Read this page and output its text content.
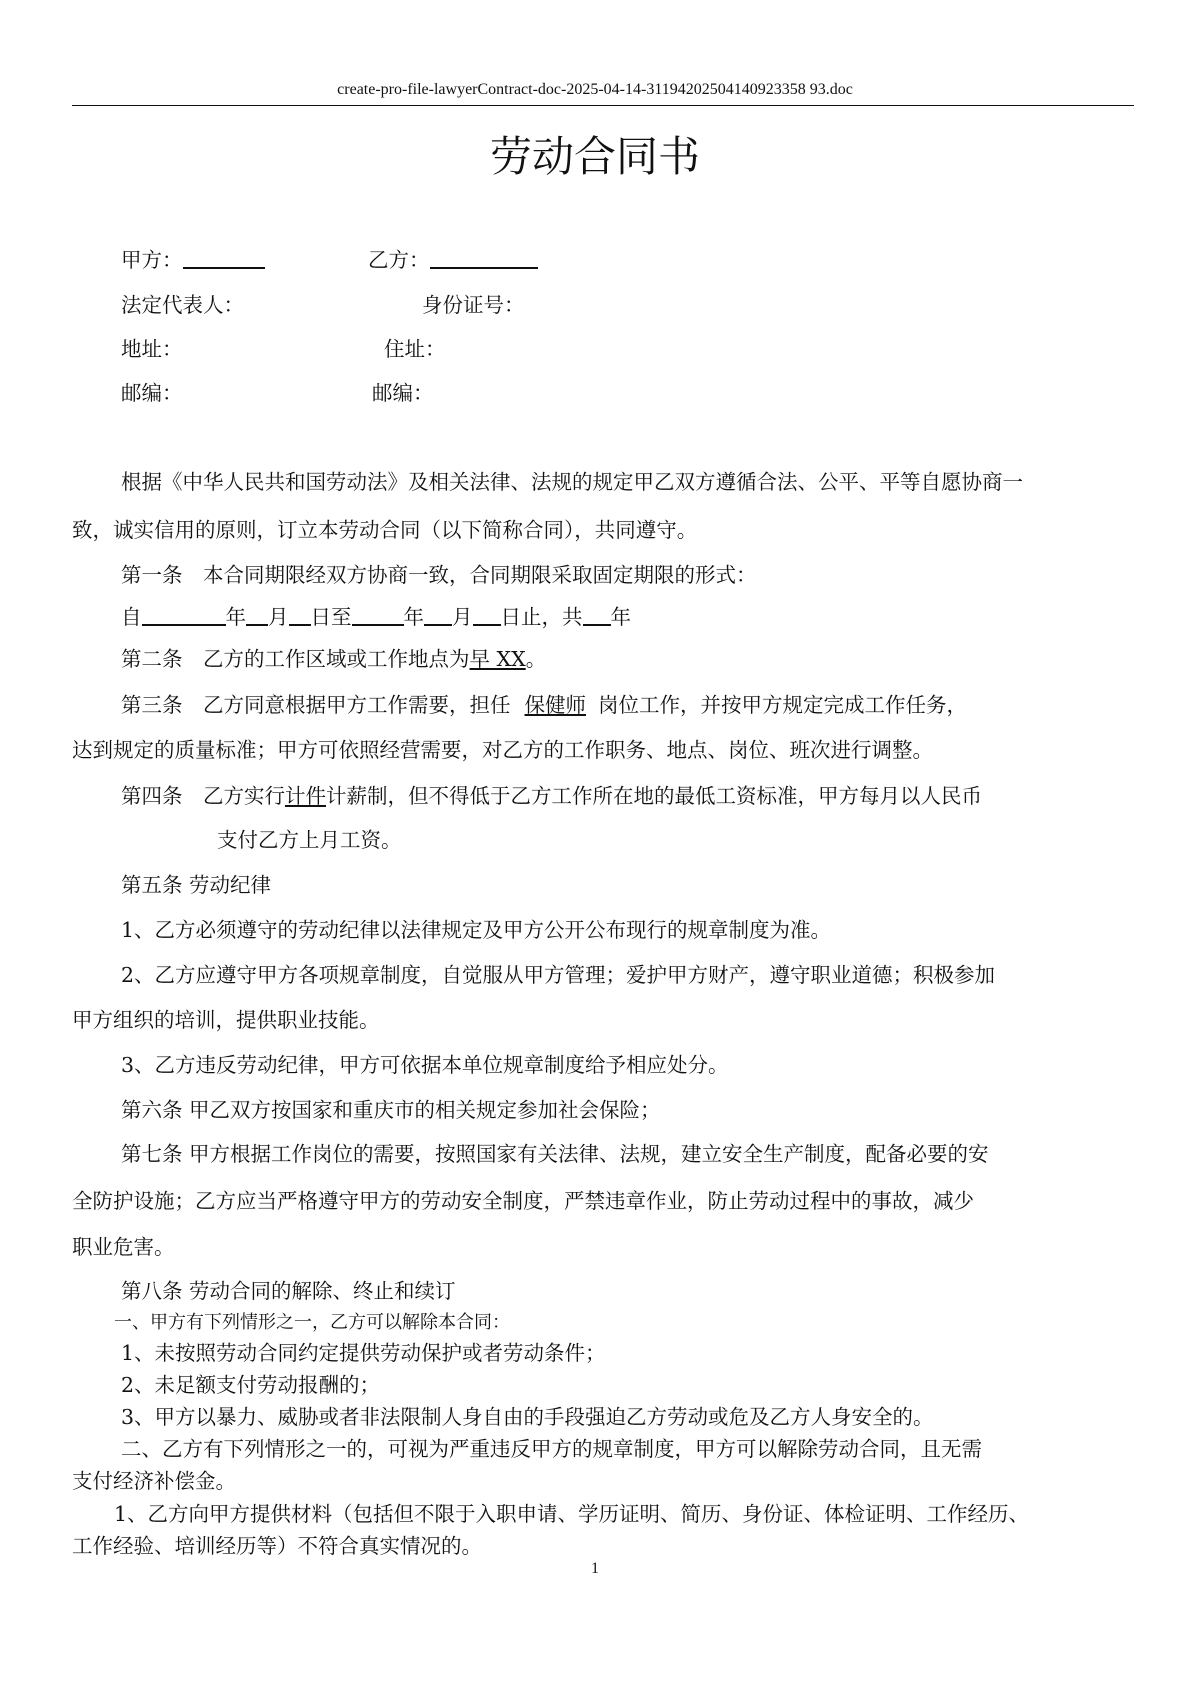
create-pro-file-lawyerContract-doc-2025-04-14-31194202504140923358 93.doc
劳动合同书
甲方：	乙方：
法定代表人：	身份证号：
地址：	住址：
邮编：	邮编：
根据《中华人民共和国劳动法》及相关法律、法规的规定甲乙双方遵循合法、公平、平等自愿协商一
致，诚实信用的原则，订立本劳动合同（以下简称合同），共同遵守。
第一条　本合同期限经双方协商一致，合同期限采取固定期限的形式：
自	年 月 日至	年 月 日止，共 年
第二条　乙方的工作区域或工作地点为早 XX。
第三条　乙方同意根据甲方工作需要，担任 保健师 岗位工作，并按甲方规定完成工作任务，
达到规定的质量标准；甲方可依照经营需要，对乙方的工作职务、地点、岗位、班次进行调整。
第四条　乙方实行计件计薪制，但不得低于乙方工作所在地的最低工资标准，甲方每月以人民币
支付乙方上月工资。
第五条 劳动纪律
1、乙方必须遵守的劳动纪律以法律规定及甲方公开公布现行的规章制度为准。
2、乙方应遵守甲方各项规章制度，自觉服从甲方管理；爱护甲方财产，遵守职业道德；积极参加
甲方组织的培训，提供职业技能。
3、乙方违反劳动纪律，甲方可依据本单位规章制度给予相应处分。
第六条 甲乙双方按国家和重庆市的相关规定参加社会保险；
第七条 甲方根据工作岗位的需要，按照国家有关法律、法规，建立安全生产制度，配备必要的安
全防护设施；乙方应当严格遵守甲方的劳动安全制度，严禁违章作业，防止劳动过程中的事故，减少
职业危害。
第八条 劳动合同的解除、终止和续订
一、甲方有下列情形之一，乙方可以解除本合同：
1、未按照劳动合同约定提供劳动保护或者劳动条件；
2、未足额支付劳动报酬的；
3、甲方以暴力、威胁或者非法限制人身自由的手段强迫乙方劳动或危及乙方人身安全的。
二、乙方有下列情形之一的，可视为严重违反甲方的规章制度，甲方可以解除劳动合同，且无需
支付经济补偿金。
1、乙方向甲方提供材料（包括但不限于入职申请、学历证明、简历、身份证、体检证明、工作经历、
工作经验、培训经历等）不符合真实情况的。
1
